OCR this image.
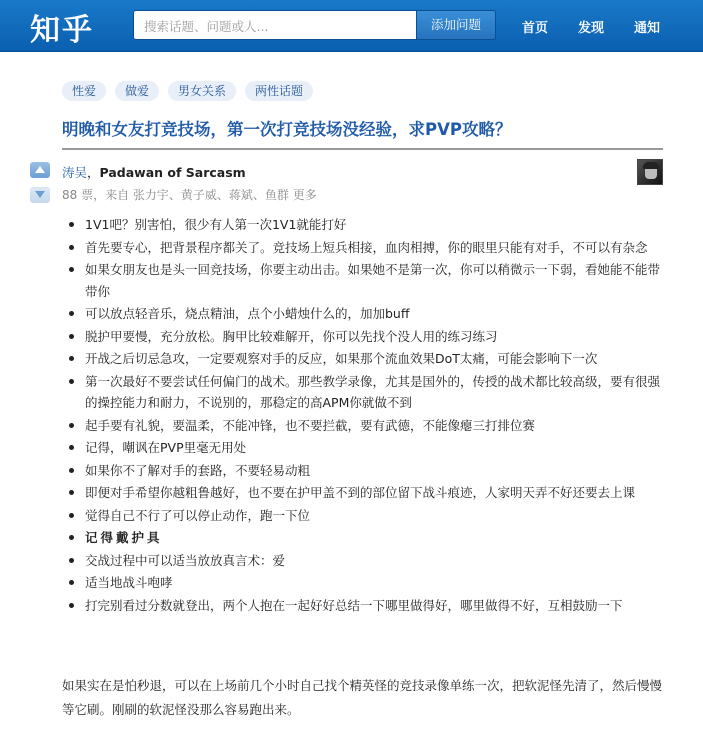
知乎	搜索话题、问题或人...	添加问题	首页 发现 通知
性爱	做爱	男女关系	两性话题
明晚和女友打竞技场，第一次打竞技场没经验，求PVP攻略？
涛吴，Padawan of Sarcasm
88 票，来自 张力宇、黄子威、蒋斌、鱼群 更多
1V1吧？别害怕，很少有人第一次1V1就能打好
首先要专心，把背景程序都关了。竞技场上短兵相接，血肉相搏，你的眼里只能有对手，不可以有杂念
如果女朋友也是头一回竞技场，你要主动出击。如果她不是第一次，你可以稍微示一下弱，看她能不能带带你
可以放点轻音乐，烧点精油，点个小蜡烛什么的，加加buff
脱护甲要慢，充分放松。胸甲比较难解开，你可以先找个没人用的练习练习
开战之后切忌急攻，一定要观察对手的反应，如果那个流血效果DoT太痛，可能会影响下一次
第一次最好不要尝试任何偏门的战术。那些教学录像，尤其是国外的，传授的战术都比较高级，要有很强的操控能力和耐力，不说别的，那稳定的高APM你就做不到
起手要有礼貌，要温柔，不能冲锋，也不要拦截，要有武德，不能像瘪三打排位赛
记得，嘲讽在PVP里毫无用处
如果你不了解对手的套路，不要轻易动粗
即便对手希望你越粗鲁越好，也不要在护甲盖不到的部位留下战斗痕迹，人家明天弄不好还要去上课
觉得自己不行了可以停止动作，跑一下位
记得戴护具
交战过程中可以适当放放真言术：爱
适当地战斗咆哮
打完别看过分数就登出，两个人抱在一起好好总结一下哪里做得好，哪里做得不好，互相鼓励一下
如果实在是怕秒退，可以在上场前几个小时自己找个精英怪的竞技录像单练一次，把软泥怪先清了，然后慢慢等它刷。刚刷的软泥怪没那么容易跑出来。
